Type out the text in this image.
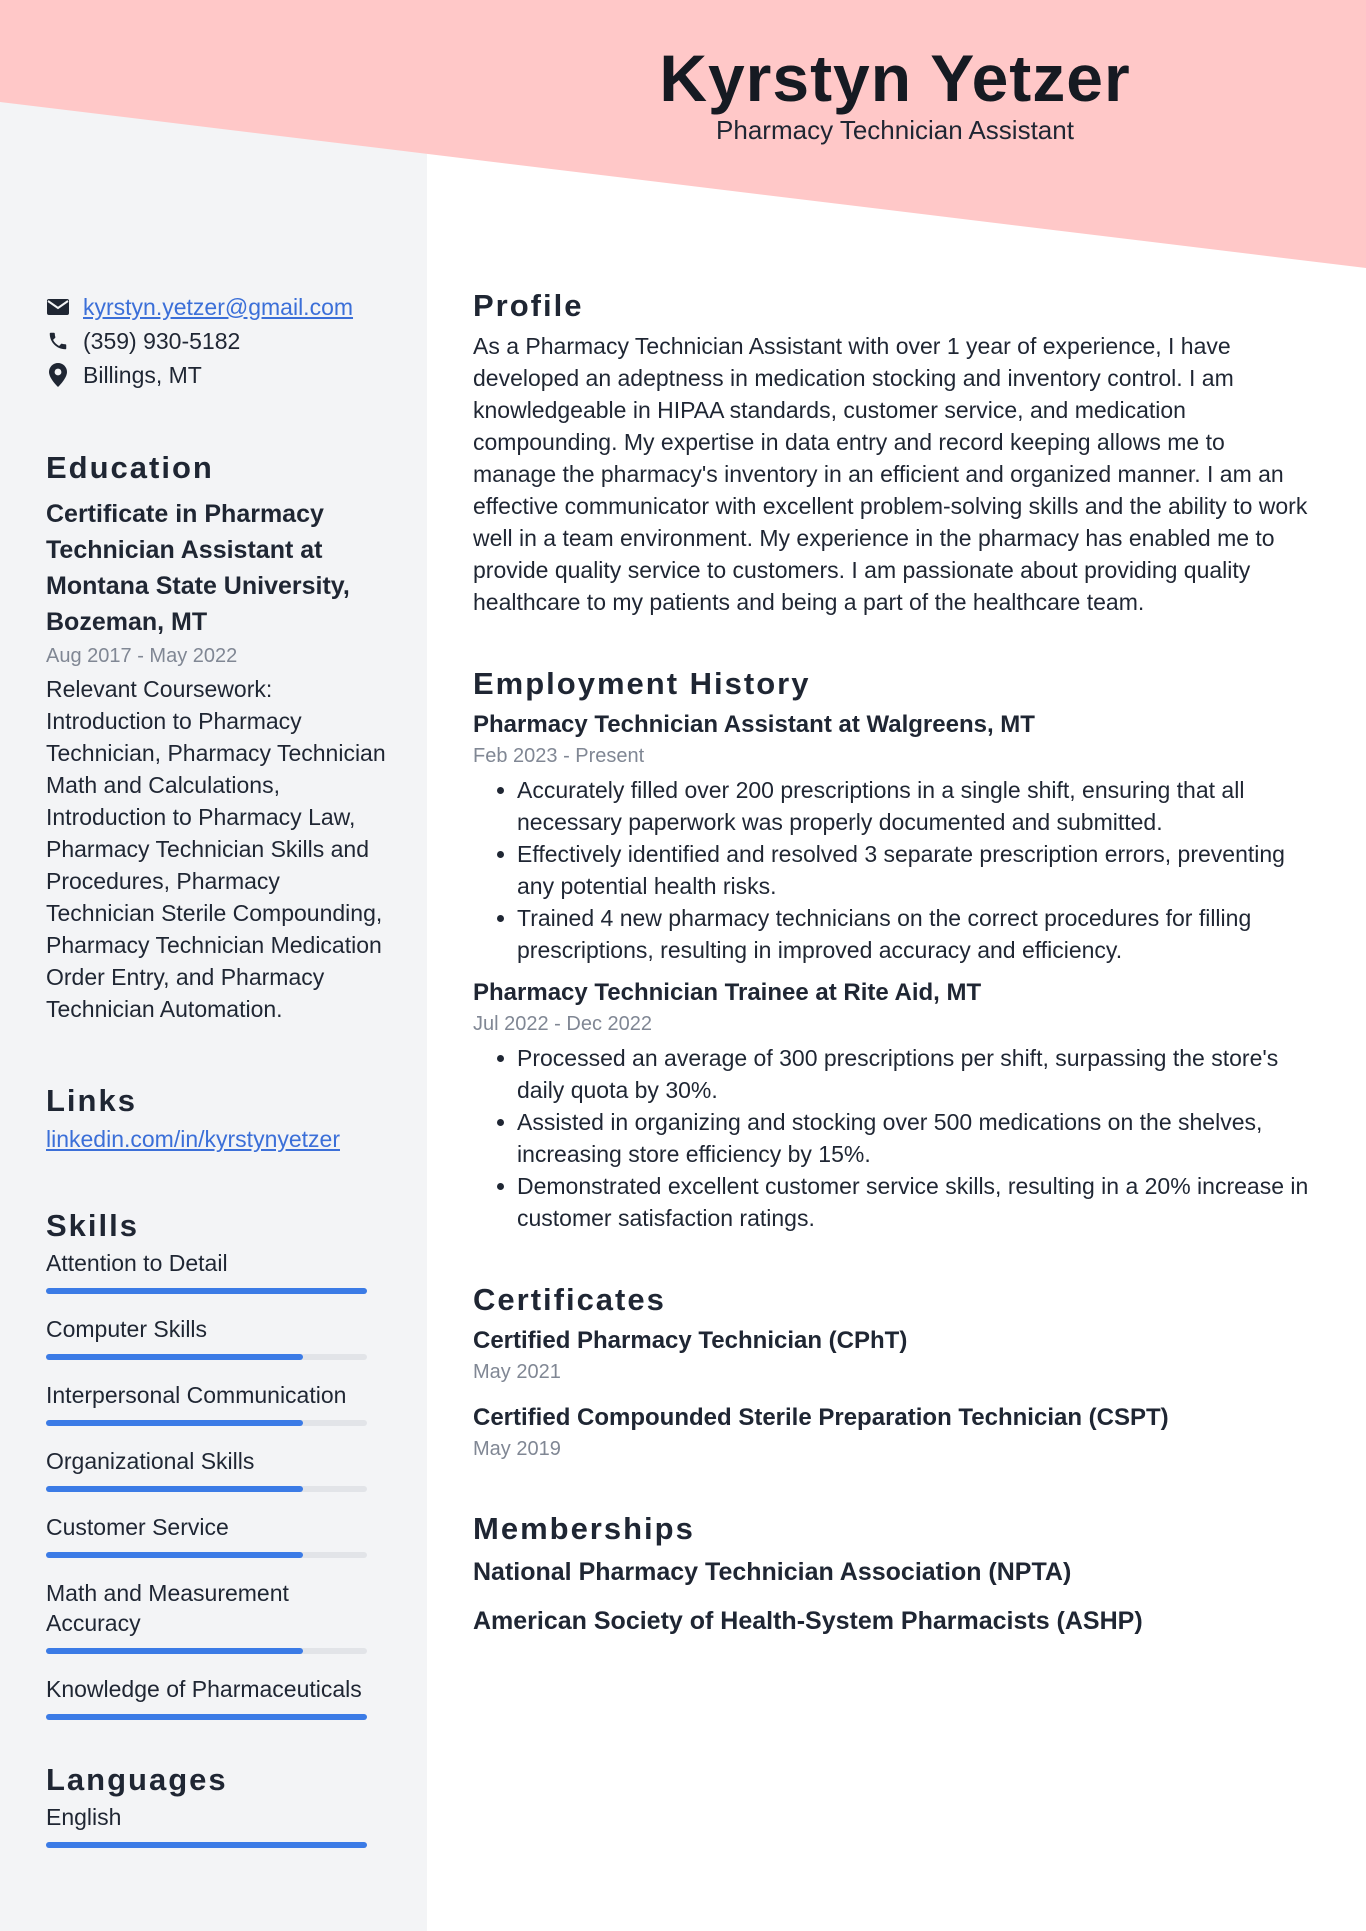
Kyrstyn Yetzer
Pharmacy Technician Assistant
kyrstyn.yetzer@gmail.com
(359) 930-5182
Billings, MT
Education
Certificate in Pharmacy Technician Assistant at Montana State University, Bozeman, MT
Aug 2017 - May 2022
Relevant Coursework: Introduction to Pharmacy Technician, Pharmacy Technician Math and Calculations, Introduction to Pharmacy Law, Pharmacy Technician Skills and Procedures, Pharmacy Technician Sterile Compounding, Pharmacy Technician Medication Order Entry, and Pharmacy Technician Automation.
Links
linkedin.com/in/kyrstynyetzer
Skills
Attention to Detail
Computer Skills
Interpersonal Communication
Organizational Skills
Customer Service
Math and Measurement Accuracy
Knowledge of Pharmaceuticals
Languages
English
Profile
As a Pharmacy Technician Assistant with over 1 year of experience, I have developed an adeptness in medication stocking and inventory control. I am knowledgeable in HIPAA standards, customer service, and medication compounding. My expertise in data entry and record keeping allows me to manage the pharmacy's inventory in an efficient and organized manner. I am an effective communicator with excellent problem-solving skills and the ability to work well in a team environment. My experience in the pharmacy has enabled me to provide quality service to customers. I am passionate about providing quality healthcare to my patients and being a part of the healthcare team.
Employment History
Pharmacy Technician Assistant at Walgreens, MT
Feb 2023 - Present
Accurately filled over 200 prescriptions in a single shift, ensuring that all necessary paperwork was properly documented and submitted.
Effectively identified and resolved 3 separate prescription errors, preventing any potential health risks.
Trained 4 new pharmacy technicians on the correct procedures for filling prescriptions, resulting in improved accuracy and efficiency.
Pharmacy Technician Trainee at Rite Aid, MT
Jul 2022 - Dec 2022
Processed an average of 300 prescriptions per shift, surpassing the store's daily quota by 30%.
Assisted in organizing and stocking over 500 medications on the shelves, increasing store efficiency by 15%.
Demonstrated excellent customer service skills, resulting in a 20% increase in customer satisfaction ratings.
Certificates
Certified Pharmacy Technician (CPhT)
May 2021
Certified Compounded Sterile Preparation Technician (CSPT)
May 2019
Memberships
National Pharmacy Technician Association (NPTA)
American Society of Health-System Pharmacists (ASHP)
